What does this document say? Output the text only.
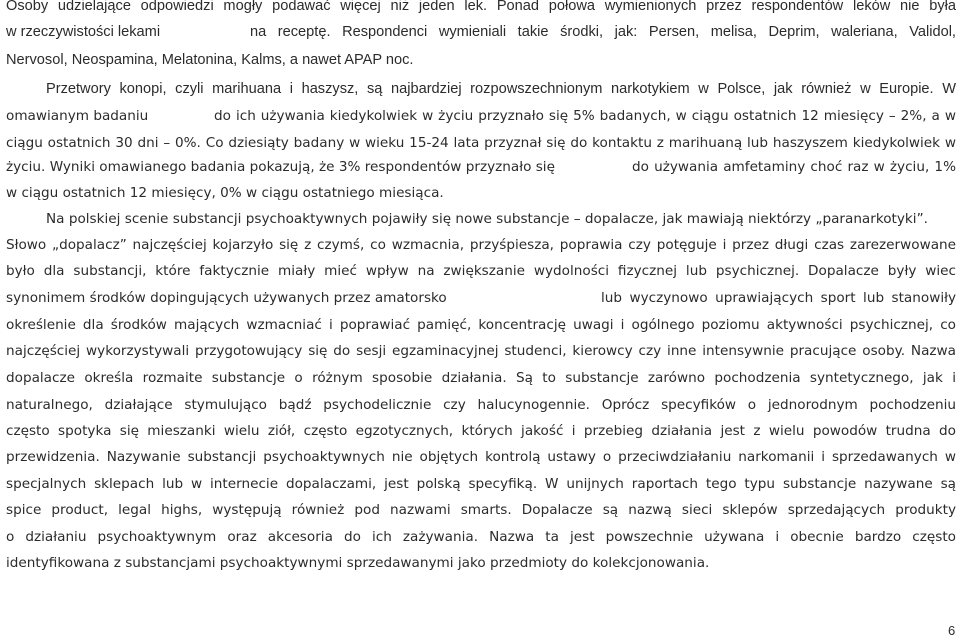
Osoby udzielające odpowiedzi mogły podawać więcej niż jeden lek. Ponad połowa wymienionych przez respondentów leków nie była
w rzeczywistości lekami	na receptę. Respondenci wymieniali takie środki, jak: Persen, melisa, Deprim, waleriana, Validol,
Nervosol, Neospamina, Melatonina, Kalms, a nawet APAP noc.
Przetwory konopi, czyli marihuana i haszysz, są najbardziej rozpowszechnionym narkotykiem w Polsce, jak również w Europie. W
omawianym badaniu	do ich używania kiedykolwiek w życiu przyznało się 5% badanych, w ciągu ostatnich 12 miesięcy – 2%, a w
ciągu ostatnich 30 dni – 0%. Co dziesiąty badany w wieku 15-24 lata przyznał się do kontaktu z marihuaną lub haszyszem kiedykolwiek w
życiu. Wyniki omawianego badania pokazują, że 3% respondentów przyznało się	do używania amfetaminy choć raz w życiu, 1%
w ciągu ostatnich 12 miesięcy, 0% w ciągu ostatniego miesiąca.
Na polskiej scenie substancji psychoaktywnych pojawiły się nowe substancje – dopalacze, jak mawiają niektórzy „paranarkotyki”.
Słowo „dopalacz” najczęściej kojarzyło się z czymś, co wzmacnia, przyśpiesza, poprawia czy potęguje i przez długi czas zarezerwowane
było dla substancji, które faktycznie miały mieć wpływ na zwiększanie wydolności fizycznej lub psychicznej. Dopalacze były wiec
synonimem środków dopingujących używanych przez amatorsko	lub wyczynowo uprawiających sport lub stanowiły
określenie dla środków mających wzmacniać i poprawiać pamięć, koncentrację uwagi i ogólnego poziomu aktywności psychicznej, co
najczęściej wykorzystywali przygotowujący się do sesji egzaminacyjnej studenci, kierowcy czy inne intensywnie pracujące osoby. Nazwa
dopalacze określa rozmaite substancje o różnym sposobie działania. Są to substancje zarówno pochodzenia syntetycznego, jak i
naturalnego, działające stymulująco bądź psychodelicznie czy halucynogennie. Oprócz specyfików o jednorodnym pochodzeniu
często spotyka się mieszanki wielu ziół, często egzotycznych, których jakość i przebieg działania jest z wielu powodów trudna do
przewidzenia. Nazywanie substancji psychoaktywnych nie objętych kontrolą ustawy o przeciwdziałaniu narkomanii i sprzedawanych w
specjalnych sklepach lub w internecie dopalaczami, jest polską specyfiką. W unijnych raportach tego typu substancje nazywane są
spice product, legal highs, występują również pod nazwami smarts. Dopalacze są nazwą sieci sklepów sprzedających produkty
o działaniu psychoaktywnym oraz akcesoria do ich zażywania. Nazwa ta jest powszechnie używana i obecnie bardzo często
identyfikowana z substancjami psychoaktywnymi sprzedawanymi jako przedmioty do kolekcjonowania.
6
